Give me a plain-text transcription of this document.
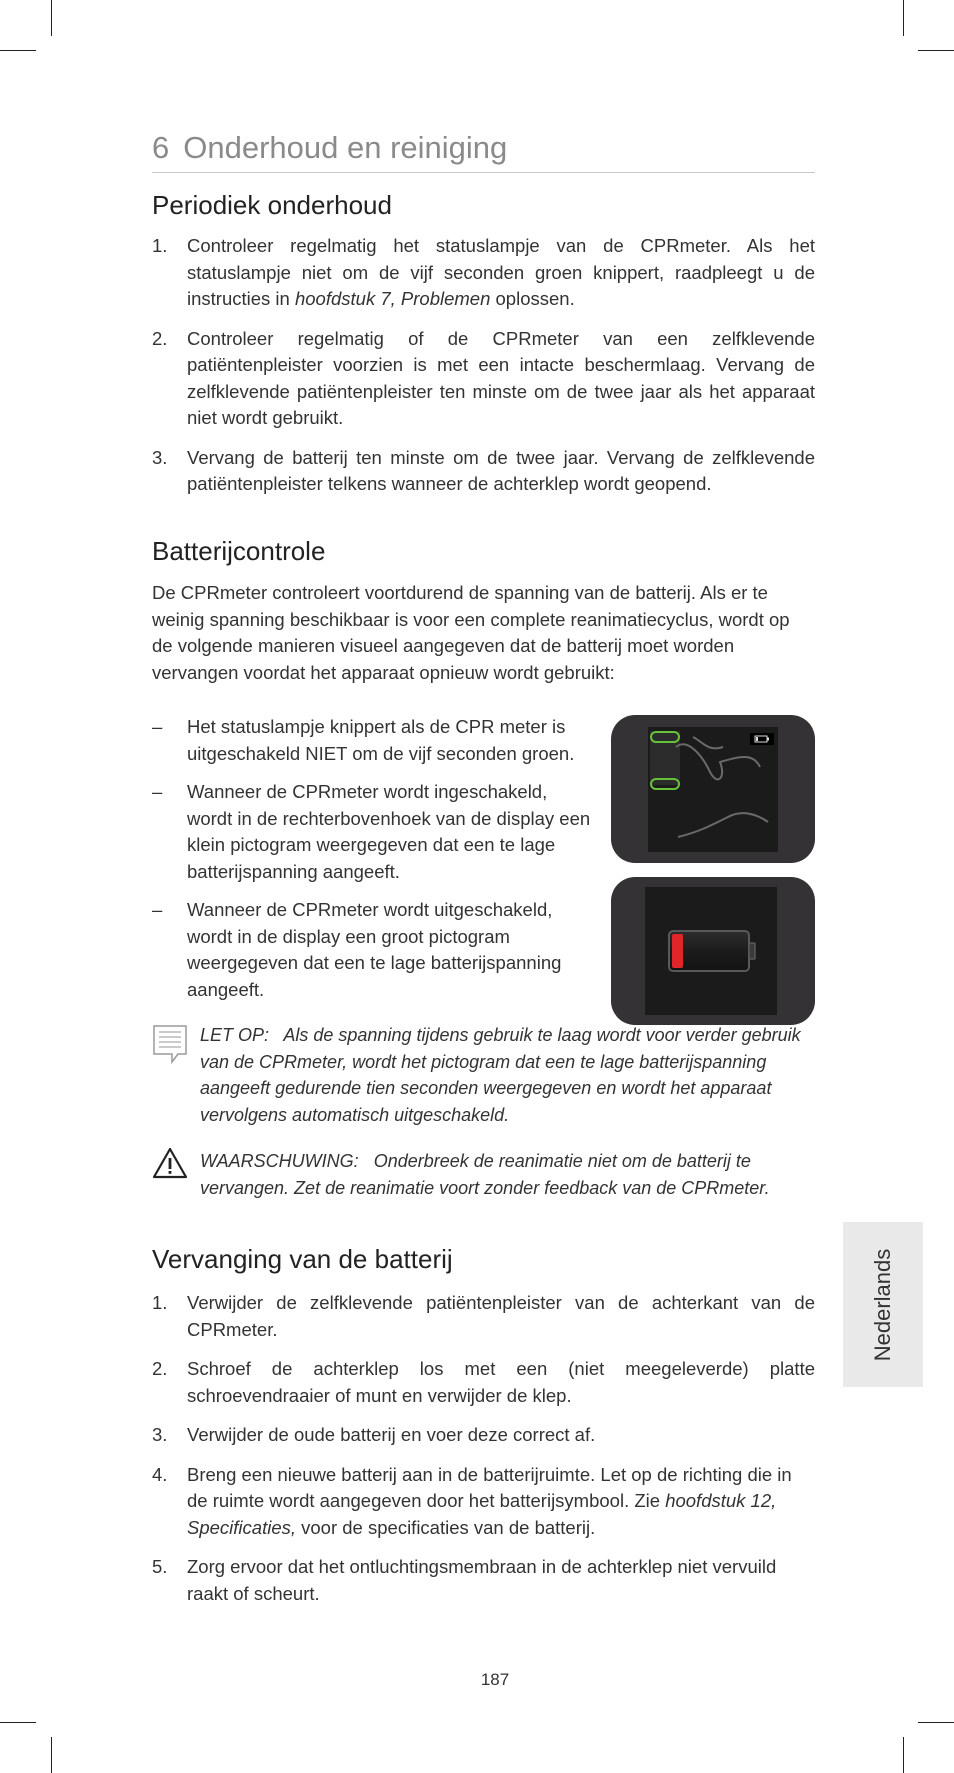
6 Onderhoud en reiniging
Periodiek onderhoud
1. Controleer regelmatig het statuslampje van de CPRmeter. Als het statuslampje niet om de vijf seconden groen knippert, raadpleegt u de instructies in hoofdstuk 7, Problemen oplossen.
2. Controleer regelmatig of de CPRmeter van een zelfklevende patiëntenpleister voorzien is met een intacte beschermlaag. Vervang de zelfklevende patiëntenpleister ten minste om de twee jaar als het apparaat niet wordt gebruikt.
3. Vervang de batterij ten minste om de twee jaar. Vervang de zelfklevende patiëntenpleister telkens wanneer de achterklep wordt geopend.
Batterijcontrole

De CPRmeter controleert voortdurend de spanning van de batterij. Als er te weinig spanning beschikbaar is voor een complete reanimatiecyclus, wordt op de volgende manieren visueel aangegeven dat de batterij moet worden vervangen voordat het apparaat opnieuw wordt gebruikt:

– Het statuslampje knippert als de CPR meter is uitgeschakeld NIET om de vijf seconden groen.
– Wanneer de CPRmeter wordt ingeschakeld, wordt in de rechterbovenhoek van de display een klein pictogram weergegeven dat een te lage batterijspanning aangeeft.
– Wanneer de CPRmeter wordt uitgeschakeld, wordt in de display een groot pictogram weergegeven dat een te lage batterijspanning aangeeft.

LET OP: Als de spanning tijdens gebruik te laag wordt voor verder gebruik van de CPRmeter, wordt het pictogram dat een te lage batterijspanning aangeeft gedurende tien seconden weergegeven en wordt het apparaat vervolgens automatisch uitgeschakeld.

WAARSCHUWING: Onderbreek de reanimatie niet om de batterij te vervangen. Zet de reanimatie voort zonder feedback van de CPRmeter.

Vervanging van de batterij
1. Verwijder de zelfklevende patiëntenpleister van de achterkant van de CPRmeter.
2. Schroef de achterklep los met een (niet meegeleverde) platte schroevendraaier of munt en verwijder de klep.
3. Verwijder de oude batterij en voer deze correct af.
4. Breng een nieuwe batterij aan in de batterijruimte. Let op de richting die in de ruimte wordt aangegeven door het batterijsymbool. Zie hoofdstuk 12, Specificaties, voor de specificaties van de batterij.
5. Zorg ervoor dat het ontluchtingsmembraan in de achterklep niet vervuild raakt of scheurt.
Nederlands
187
